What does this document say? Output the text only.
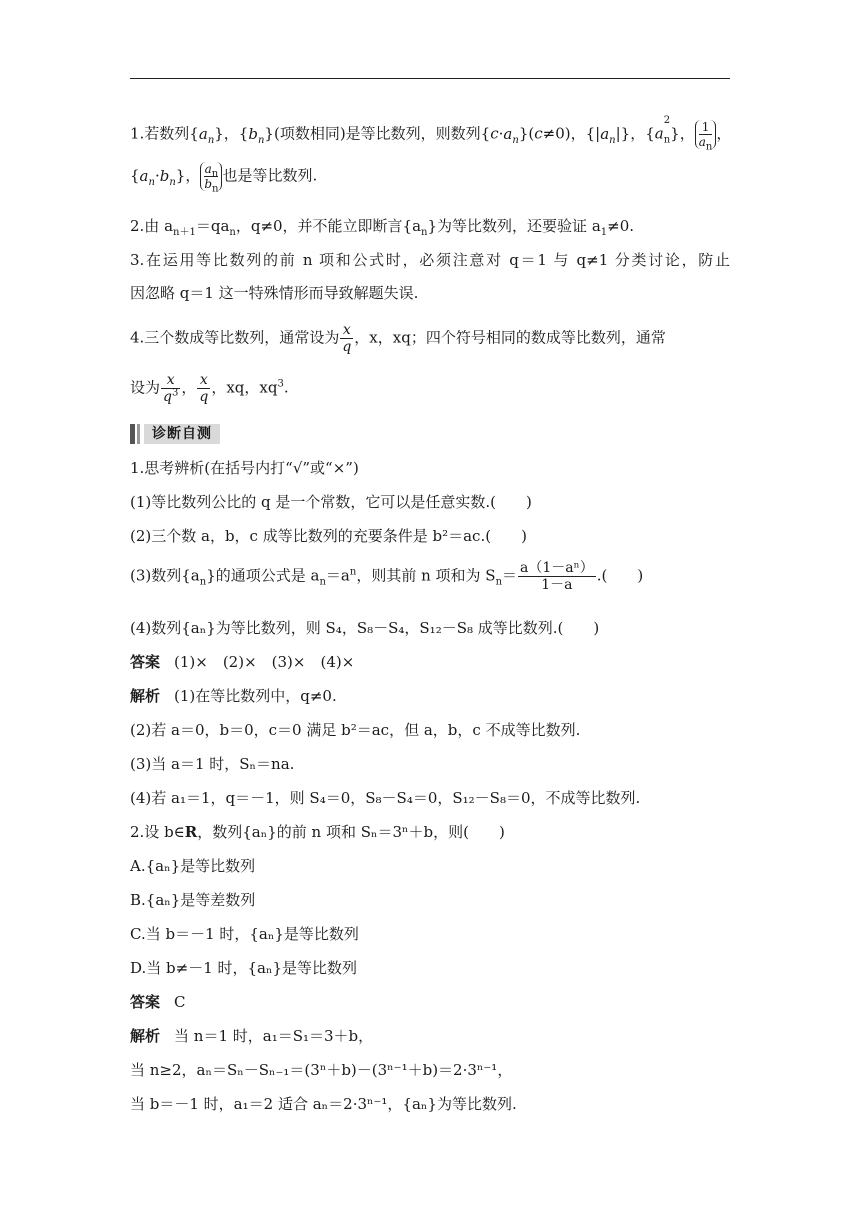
1.若数列$\{a_n\}$，$\{b_n\}$(项数相同)是等比数列，则数列$\{c\cdot a_n\}(c\ne 0)$，$\{|a_n|\}$，{a
$^2$
$_n$}， $\frac{1}{a_n}$ ，
$\{a_n\cdot b_n\}$， $\frac{a_n}{b_n}$ 也是等比数列.
2.由 $a_{n+1}=qa_n$，q≠0，并不能立即断言$\{a_n\}$为等比数列，还要验证 $a_1\ne 0$.
3.在运用等比数列的前 n 项和公式时，必须注意对 q＝1 与 q≠1 分类讨论，防止
因忽略 q＝1 这一特殊情形而导致解题失误.
4.三个数成等比数列，通常设为 $\frac{x}{q}$ ，x，xq；四个符号相同的数成等比数列，通常
设为 $\frac{x}{q^3}$ ， $\frac{x}{q}$ ，xq，$xq^3$.
诊断自测
1.思考辨析(在括号内打“√”或“×”)
(1)等比数列公比的 q 是一个常数，它可以是任意实数.(　　)
(2)三个数 a，b，c 成等比数列的充要条件是 b²＝ac.(　　)
(3)数列$\{a_n\}$的通项公式是 $a_n=a^n$，则其前 n 项和为 $S_n= \frac{\text{a（1－aⁿ）}}{1-a}$ .(　　)
(4)数列{aₙ}为等比数列，则 S₄，S₈－S₄，S₁₂－S₈ 成等比数列.(　　)
答案 (1)×　(2)×　(3)×　(4)×
解析 (1)在等比数列中，q≠0.
(2)若 a＝0，b＝0，c＝0 满足 b²＝ac，但 a，b，c 不成等比数列.
(3)当 a＝1 时，Sₙ＝na.
(4)若 a₁＝1，q＝－1，则 S₄＝0，S₈－S₄＝0，S₁₂－S₈＝0，不成等比数列.
2.设 b∈R，数列{aₙ}的前 n 项和 Sₙ＝3ⁿ＋b，则(　　)
A.{aₙ}是等比数列
B.{aₙ}是等差数列
C.当 b＝－1 时，{aₙ}是等比数列
D.当 b≠－1 时，{aₙ}是等比数列
答案 C
解析 当 n＝1 时，a₁＝S₁＝3＋b，
当 n≥2，aₙ＝Sₙ－Sₙ₋₁＝(3ⁿ＋b)－(3ⁿ⁻¹＋b)＝2·3ⁿ⁻¹，
当 b＝－1 时，a₁＝2 适合 aₙ＝2·3ⁿ⁻¹，{aₙ}为等比数列.
